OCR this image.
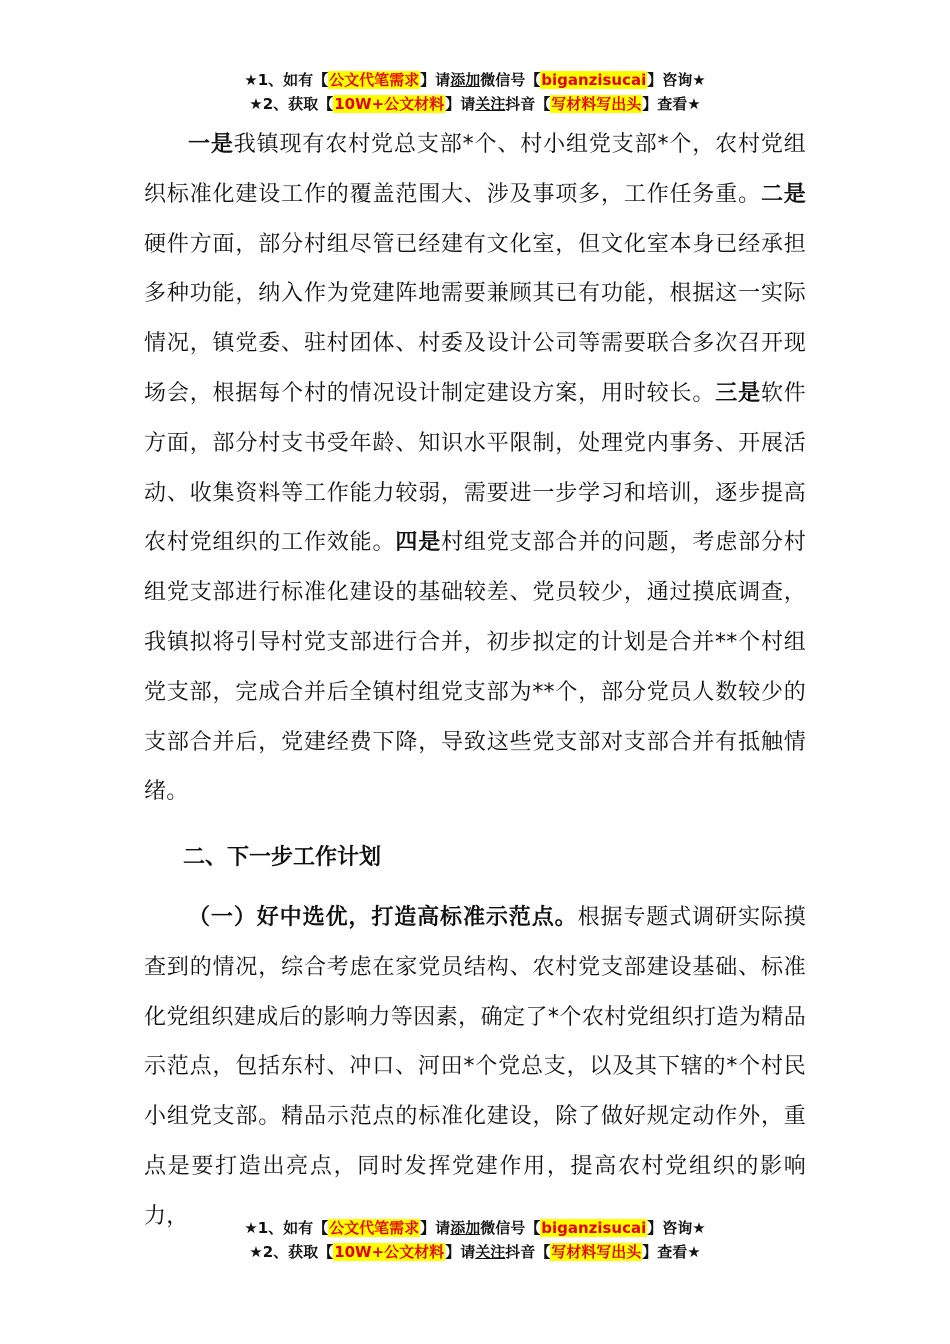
★1、如有【公文代笔需求】请添加微信号【biganzisucai】咨询★
★2、获取【10W+公文材料】请关注抖音【写材料写出头】查看★

一是我镇现有农村党总支部*个、村小组党支部*个，农村党组织标准化建设工作的覆盖范围大、涉及事项多，工作任务重。二是硬件方面，部分村组尽管已经建有文化室，但文化室本身已经承担多种功能，纳入作为党建阵地需要兼顾其已有功能，根据这一实际情况，镇党委、驻村团体、村委及设计公司等需要联合多次召开现场会，根据每个村的情况设计制定建设方案，用时较长。三是软件方面，部分村支书受年龄、知识水平限制，处理党内事务、开展活动、收集资料等工作能力较弱，需要进一步学习和培训，逐步提高农村党组织的工作效能。四是村组党支部合并的问题，考虑部分村组党支部进行标准化建设的基础较差、党员较少，通过摸底调查，我镇拟将引导村党支部进行合并，初步拟定的计划是合并**个村组党支部，完成合并后全镇村组党支部为**个，部分党员人数较少的支部合并后，党建经费下降，导致这些党支部对支部合并有抵触情绪。

二、下一步工作计划

（一）好中选优，打造高标准示范点。根据专题式调研实际摸查到的情况，综合考虑在家党员结构、农村党支部建设基础、标准化党组织建成后的影响力等因素，确定了*个农村党组织打造为精品示范点，包括东村、冲口、河田*个党总支，以及其下辖的*个村民小组党支部。精品示范点的标准化建设，除了做好规定动作外，重点是要打造出亮点，同时发挥党建作用，提高农村党组织的影响力，	★1、如有【公文代笔需求】请添加微信号【biganzisucai】咨询★
★2、获取【10W+公文材料】请关注抖音【写材料写出头】查看★
